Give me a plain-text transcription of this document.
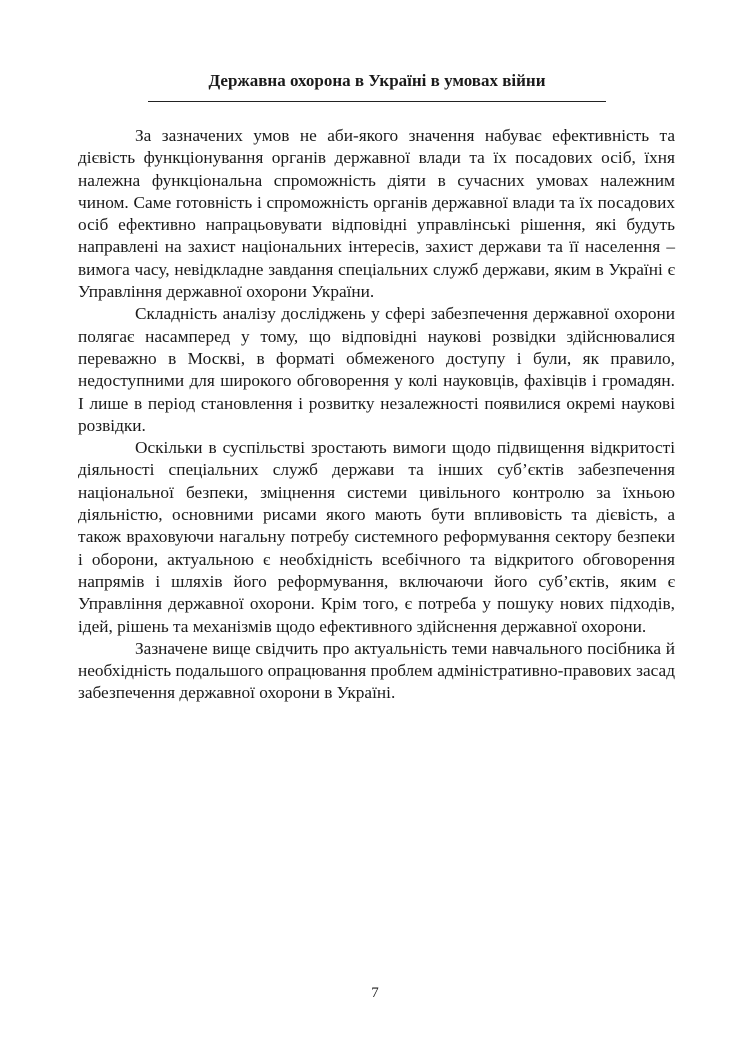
Державна охорона в Україні в умовах війни

За зазначених умов не аби-якого значення набуває ефективність та дієвість функціонування органів державної влади та їх посадових осіб, їхня належна функціональна спроможність діяти в сучасних умовах належним чином. Саме готовність і спроможність органів державної влади та їх посадових осіб ефективно напрацьовувати відповідні управлінські рішення, які будуть направлені на захист національних інтересів, захист держави та її населення – вимога часу, невідкладне завдання спеціальних служб держави, яким в Україні є Управління державної охорони України.

Складність аналізу досліджень у сфері забезпечення державної охорони полягає насамперед у тому, що відповідні наукові розвідки здійснювалися переважно в Москві, в форматі обмеженого доступу і були, як правило, недоступними для широкого обговорення у колі науковців, фахівців і громадян. І лише в період становлення і розвитку незалежності появилися окремі наукові розвідки.

Оскільки в суспільстві зростають вимоги щодо підвищення відкритості діяльності спеціальних служб держави та інших суб’єктів забезпечення національної безпеки, зміцнення системи цивільного контролю за їхньою діяльністю, основними рисами якого мають бути впливовість та дієвість, а також враховуючи нагальну потребу системного реформування сектору безпеки і оборони, актуальною є необхідність всебічного та відкритого обговорення напрямів і шляхів його реформування, включаючи його суб’єктів, яким є Управління державної охорони. Крім того, є потреба у пошуку нових підходів, ідей, рішень та механізмів щодо ефективного здійснення державної охорони.

Зазначене вище свідчить про актуальність теми навчального посібника й необхідність подальшого опрацювання проблем адміністративно-правових засад забезпечення державної охорони в Україні.

7
